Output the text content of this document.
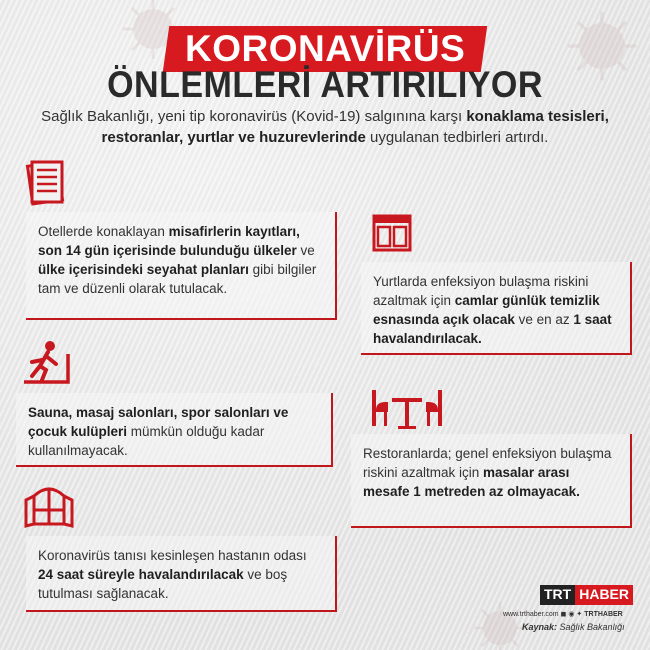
KORONAVİRÜS
ÖNLEMLERİ ARTIRILIYOR
Sağlık Bakanlığı, yeni tip koronavirüs (Kovid-19) salgınına karşı konaklama tesisleri, restoranlar, yurtlar ve huzurevlerinde uygulanan tedbirleri artırdı.
Otellerde konaklayan misafirlerin kayıtları, son 14 gün içerisinde bulunduğu ülkeler ve ülke içerisindeki seyahat planları gibi bilgiler tam ve düzenli olarak tutulacak.	Yurtlarda enfeksiyon bulaşma riskini azaltmak için camlar günlük temizlik esnasında açık olacak ve en az 1 saat havalandırılacak.
Sauna, masaj salonları, spor salonları ve çocuk kulüpleri mümkün olduğu kadar kullanılmayacak.	Restoranlarda; genel enfeksiyon bulaşma riskini azaltmak için masalar arası mesafe 1 metreden az olmayacak.
Koronavirüs tanısı kesinleşen hastanın odası 24 saat süreyle havalandırılacak ve boş tutulması sağlanacak.	TRT HABER
www.trthaber.com ◼ ◉ ✦ TRTHABER
Kaynak: Sağlık Bakanlığı
